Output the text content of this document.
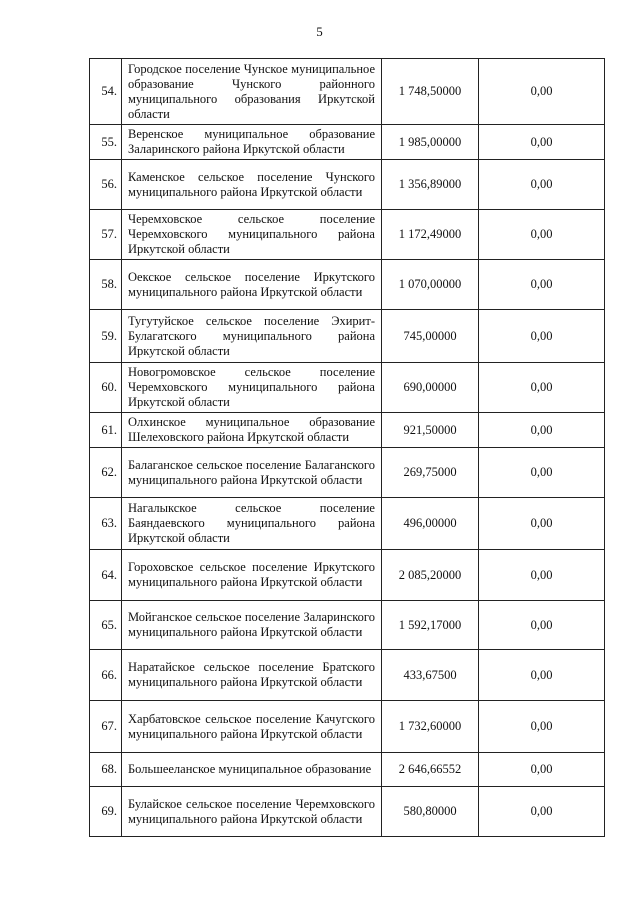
5
54.	Городское поселение Чунское муниципальное образование Чунского районного муниципального образования Иркутской области	1 748,50000	0,00
55.	Веренское муниципальное образование Заларинского района Иркутской области	1 985,00000	0,00
56.	Каменское сельское поселение Чунского муниципального района Иркутской области	1 356,89000	0,00
57.	Черемховское сельское поселение Черемховского муниципального района Иркутской области	1 172,49000	0,00
58.	Оекское сельское поселение Иркутского муниципального района Иркутской области	1 070,00000	0,00
59.	Тугутуйское сельское поселение Эхирит-Булагатского муниципального района Иркутской области	745,00000	0,00
60.	Новогромовское сельское поселение Черемховского муниципального района Иркутской области	690,00000	0,00
61.	Олхинское муниципальное образование Шелеховского района Иркутской области	921,50000	0,00
62.	Балаганское сельское поселение Балаганского муниципального района Иркутской области	269,75000	0,00
63.	Нагалыкское сельское поселение Баяндаевского муниципального района Иркутской области	496,00000	0,00
64.	Гороховское сельское поселение Иркутского муниципального района Иркутской области	2 085,20000	0,00
65.	Мойганское сельское поселение Заларинского муниципального района Иркутской области	1 592,17000	0,00
66.	Наратайское сельское поселение Братского муниципального района Иркутской области	433,67500	0,00
67.	Харбатовское сельское поселение Качугского муниципального района Иркутской области	1 732,60000	0,00
68.	Большееланское муниципальное образование	2 646,66552	0,00
69.	Булайское сельское поселение Черемховского муниципального района Иркутской области	580,80000	0,00
